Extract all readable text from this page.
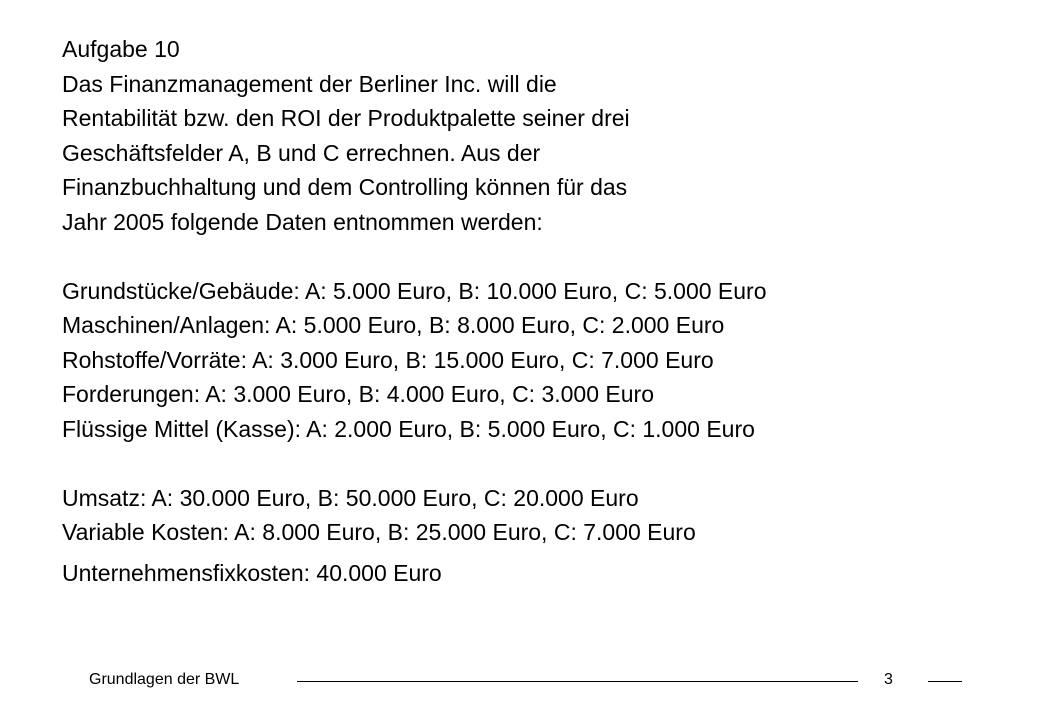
Aufgabe 10
Das Finanzmanagement der Berliner Inc. will die
Rentabilität bzw. den ROI der Produktpalette seiner drei
Geschäftsfelder A, B und C errechnen. Aus der
Finanzbuchhaltung und dem Controlling können für das
Jahr 2005 folgende Daten entnommen werden:
Grundstücke/Gebäude: A: 5.000 Euro, B: 10.000 Euro, C: 5.000 Euro
Maschinen/Anlagen: A: 5.000 Euro, B: 8.000 Euro, C: 2.000 Euro
Rohstoffe/Vorräte: A: 3.000 Euro, B: 15.000 Euro, C: 7.000 Euro
Forderungen: A: 3.000 Euro, B: 4.000 Euro, C: 3.000 Euro
Flüssige Mittel (Kasse): A: 2.000 Euro, B: 5.000 Euro, C: 1.000 Euro
Umsatz: A: 30.000 Euro, B: 50.000 Euro, C: 20.000 Euro
Variable Kosten: A: 8.000 Euro, B: 25.000 Euro, C: 7.000 Euro
Unternehmensfixkosten: 40.000 Euro
Grundlagen der BWL	3
